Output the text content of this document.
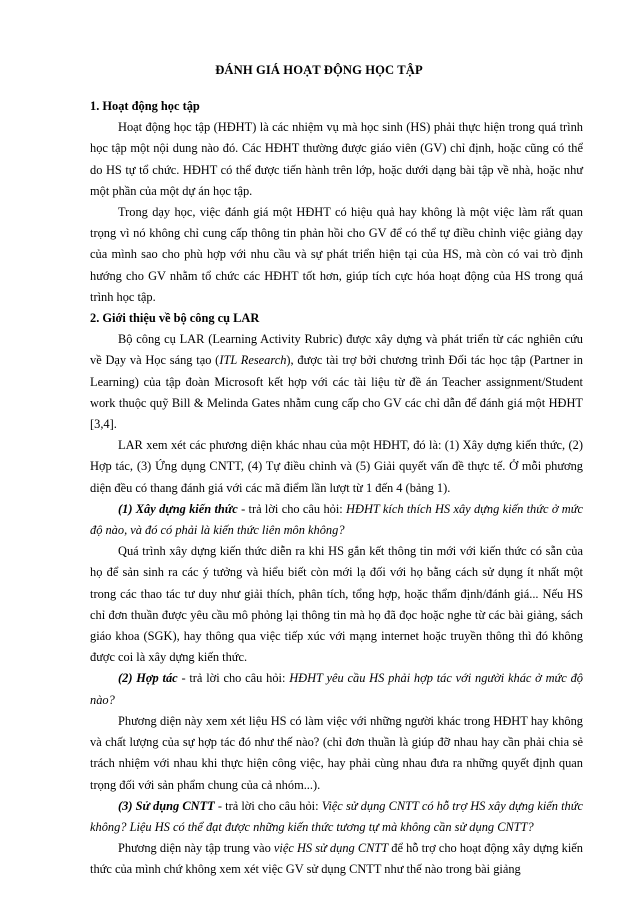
ĐÁNH GIÁ HOẠT ĐỘNG HỌC TẬP

1. Hoạt động học tập

Hoạt động học tập (HĐHT) là các nhiệm vụ mà học sinh (HS) phải thực hiện trong quá trình học tập một nội dung nào đó. Các HĐHT thường được giáo viên (GV) chỉ định, hoặc cũng có thể do HS tự tổ chức. HĐHT có thể được tiến hành trên lớp, hoặc dưới dạng bài tập về nhà, hoặc như một phần của một dự án học tập.

Trong dạy học, việc đánh giá một HĐHT có hiệu quả hay không là một việc làm rất quan trọng vì nó không chỉ cung cấp thông tin phản hồi cho GV để có thể tự điều chỉnh việc giảng dạy của mình sao cho phù hợp với nhu cầu và sự phát triển hiện tại của HS, mà còn có vai trò định hướng cho GV nhằm tổ chức các HĐHT tốt hơn, giúp tích cực hóa hoạt động của HS trong quá trình học tập.

2. Giới thiệu về bộ công cụ LAR

Bộ công cụ LAR (Learning Activity Rubric) được xây dựng và phát triển từ các nghiên cứu về Dạy và Học sáng tạo (ITL Research), được tài trợ bởi chương trình Đối tác học tập (Partner in Learning) của tập đoàn Microsoft kết hợp với các tài liệu từ đề án Teacher assignment/Student work thuộc quỹ Bill & Melinda Gates nhằm cung cấp cho GV các chỉ dẫn để đánh giá một HĐHT [3,4].

LAR xem xét các phương diện khác nhau của một HĐHT, đó là: (1) Xây dựng kiến thức, (2) Hợp tác, (3) Ứng dụng CNTT, (4) Tự điều chỉnh và (5) Giải quyết vấn đề thực tế. Ở mỗi phương diện đều có thang đánh giá với các mã điểm lần lượt từ 1 đến 4 (bảng 1).

(1) Xây dựng kiến thức - trả lời cho câu hỏi: HĐHT kích thích HS xây dựng kiến thức ở mức độ nào, và đó có phải là kiến thức liên môn không?

Quá trình xây dựng kiến thức diễn ra khi HS gắn kết thông tin mới với kiến thức có sẵn của họ để sản sinh ra các ý tưởng và hiểu biết còn mới lạ đối với họ bằng cách sử dụng ít nhất một trong các thao tác tư duy như giải thích, phân tích, tổng hợp, hoặc thẩm định/đánh giá... Nếu HS chỉ đơn thuần được yêu cầu mô phỏng lại thông tin mà họ đã đọc hoặc nghe từ các bài giảng, sách giáo khoa (SGK), hay thông qua việc tiếp xúc với mạng internet hoặc truyền thông thì đó không được coi là xây dựng kiến thức.

(2) Hợp tác - trả lời cho câu hỏi: HĐHT yêu cầu HS phải hợp tác với người khác ở mức độ nào?

Phương diện này xem xét liệu HS có làm việc với những người khác trong HĐHT hay không và chất lượng của sự hợp tác đó như thế nào? (chỉ đơn thuần là giúp đỡ nhau hay cần phải chia sẻ trách nhiệm với nhau khi thực hiện công việc, hay phải cùng nhau đưa ra những quyết định quan trọng đối với sản phẩm chung của cả nhóm...).

(3) Sử dụng CNTT - trả lời cho câu hỏi: Việc sử dụng CNTT có hỗ trợ HS xây dựng kiến thức không? Liệu HS có thể đạt được những kiến thức tương tự mà không cần sử dụng CNTT?

Phương diện này tập trung vào việc HS sử dụng CNTT để hỗ trợ cho hoạt động xây dựng kiến thức của mình chứ không xem xét việc GV sử dụng CNTT như thế nào trong bài giảng
